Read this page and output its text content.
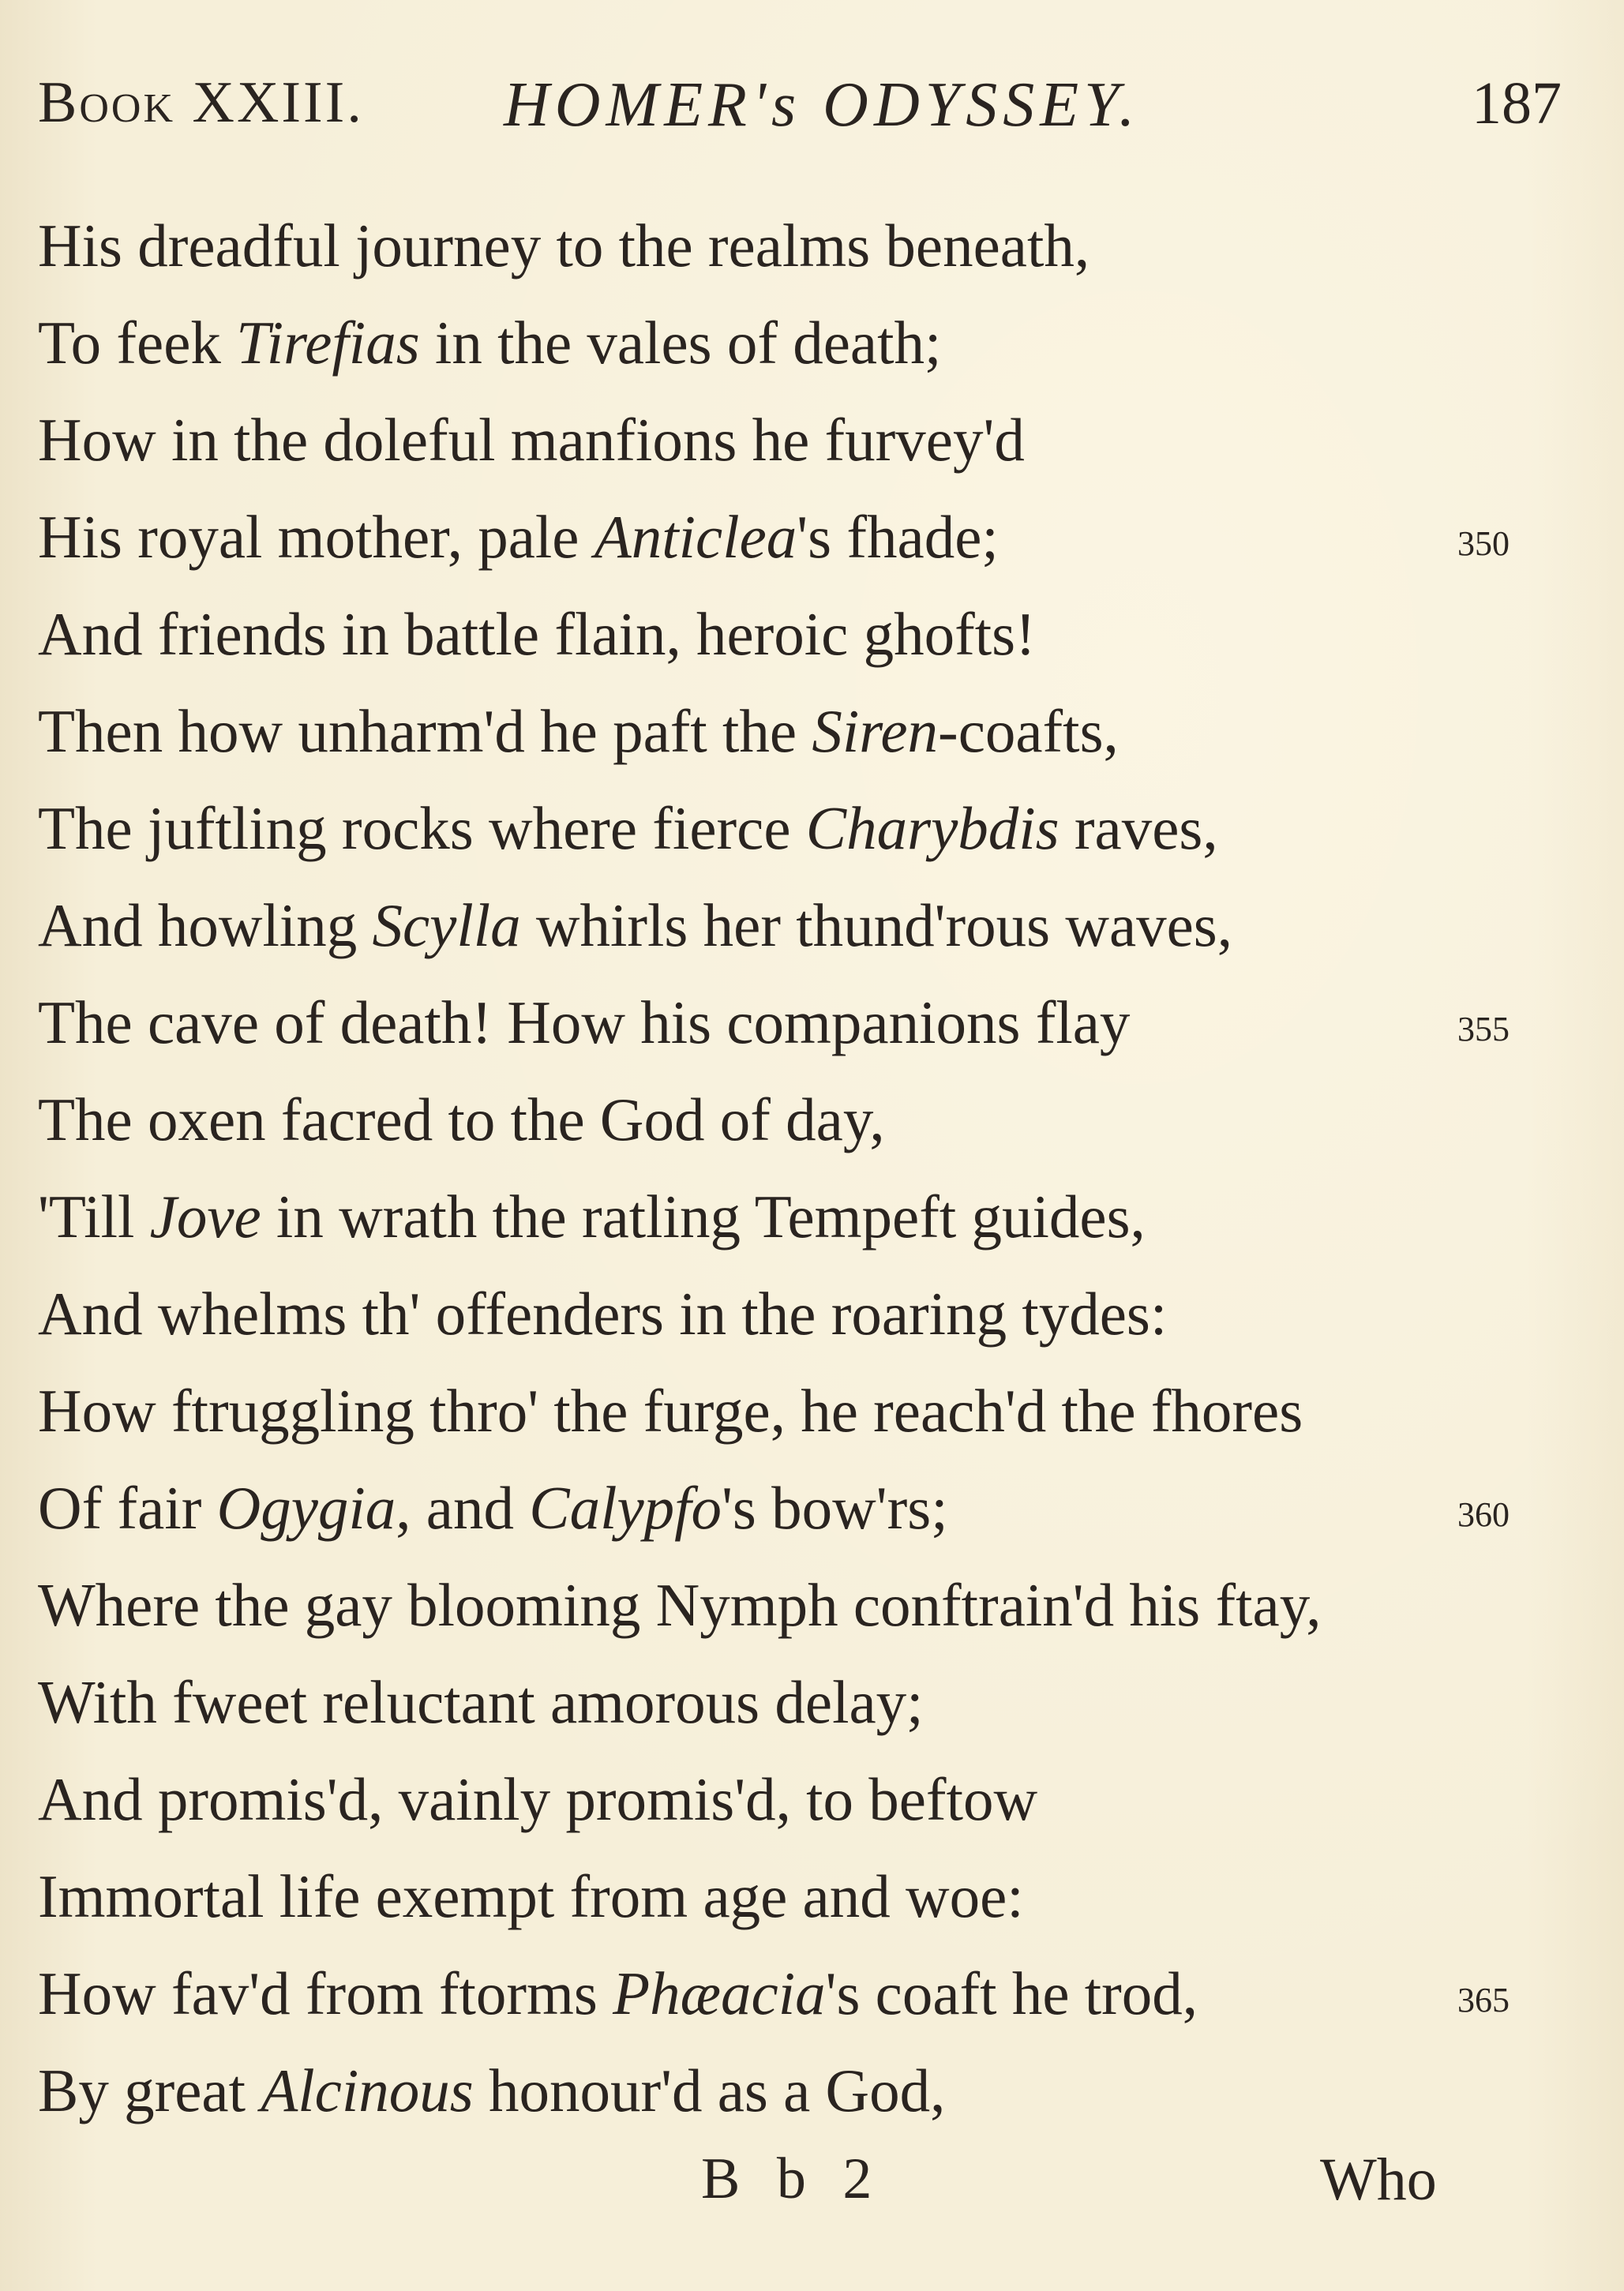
Book XXIII. HOMER's ODYSSEY.	187
His dreadful journey to the realms beneath,
To feek Tirefias in the vales of death;
How in the doleful manfions he furvey'd
His royal mother, pale Anticlea's fhade;	350
And friends in battle flain, heroic ghofts!
Then how unharm'd he paft the Siren-coafts,
The juftling rocks where fierce Charybdis raves,
And howling Scylla whirls her thund'rous waves,
The cave of death! How his companions flay	355
The oxen facred to the God of day,
'Till Jove in wrath the ratling Tempeft guides,
And whelms th' offenders in the roaring tydes:
How ftruggling thro' the furge, he reach'd the fhores
Of fair Ogygia, and Calypfo's bow'rs;	360
Where the gay blooming Nymph conftrain'd his ftay,
With fweet reluctant amorous delay;
And promis'd, vainly promis'd, to beftow
Immortal life exempt from age and woe:
How fav'd from ftorms Phæacia's coaft he trod,	365
By great Alcinous honour'd as a God,
B b 2	Who
